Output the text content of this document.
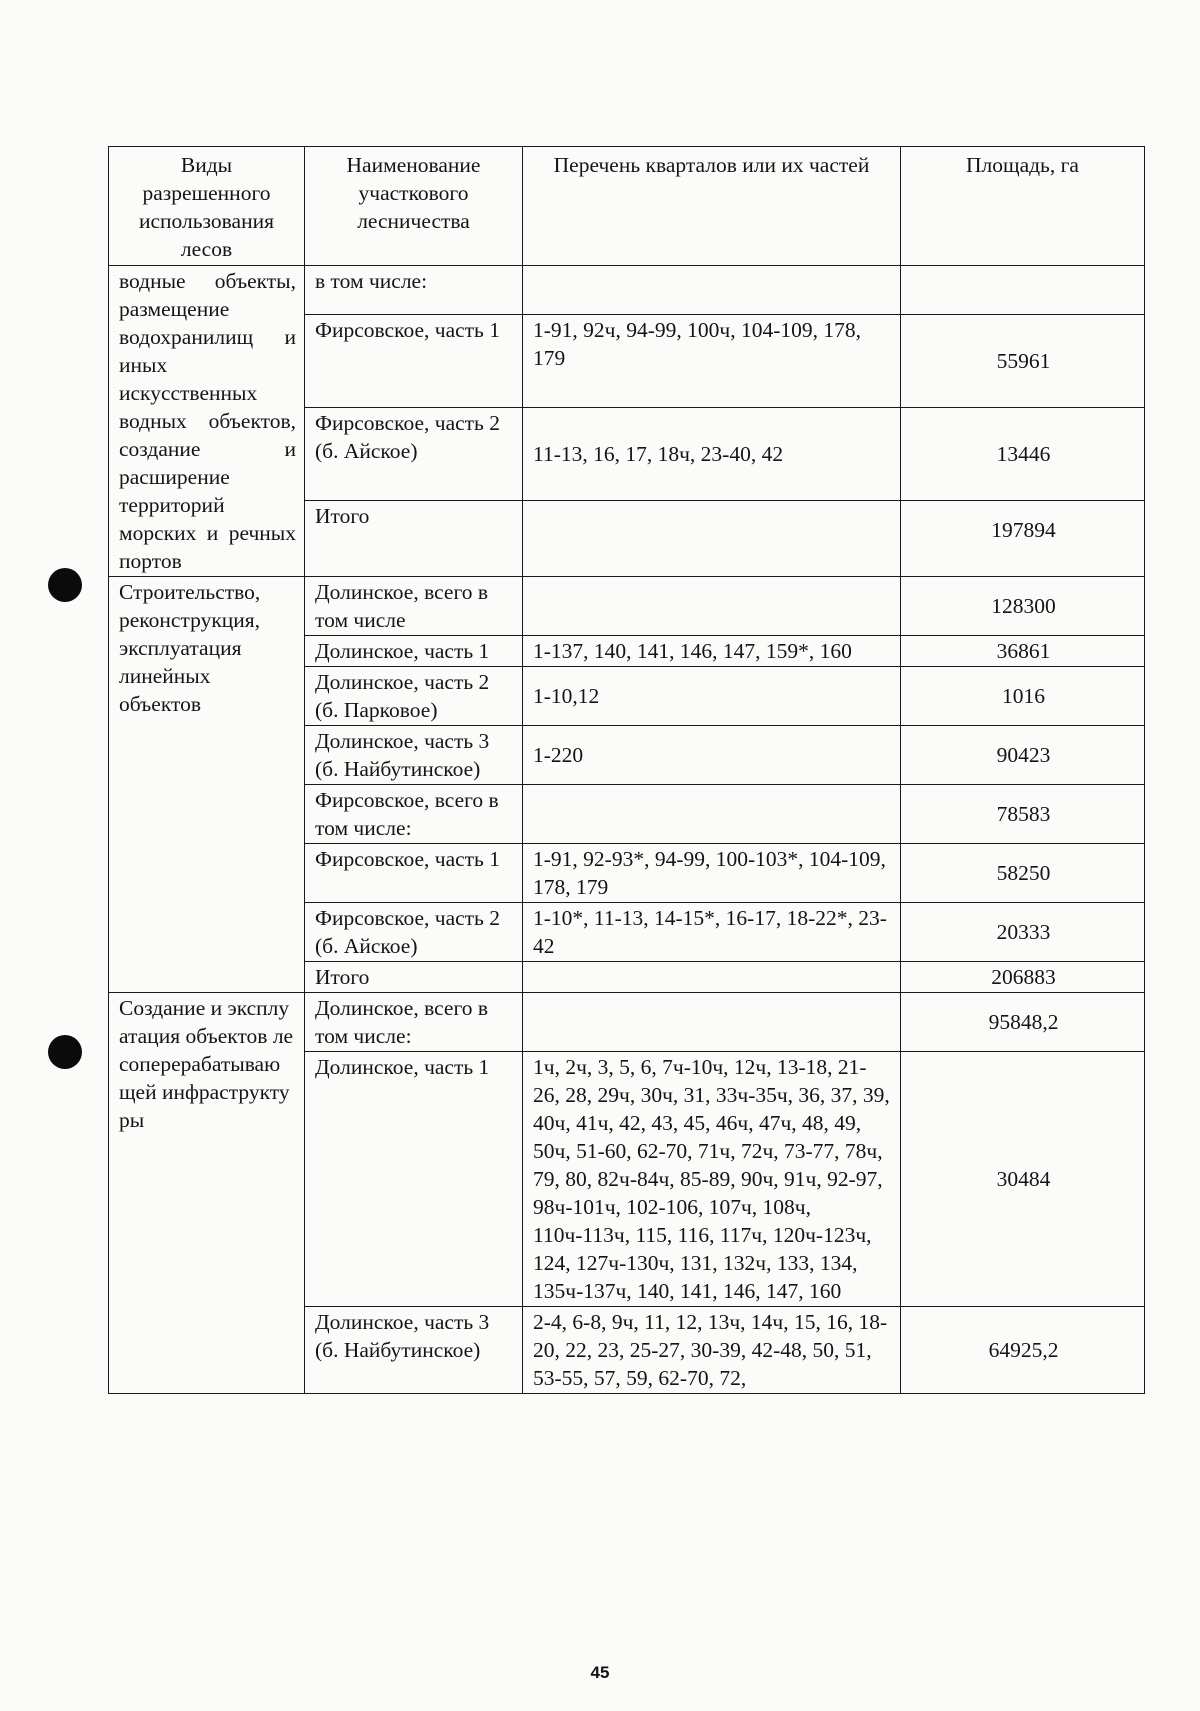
Виды разрешенного использования лесов	Наименование участкового лесничества	Перечень кварталов или их частей	Площадь, га
водные объекты, размещение водохранилищ и иных искусственных водных объектов, создание и расширение территорий морских и речных портов	в том числе:		
	Фирсовское, часть 1	1-91, 92ч, 94-99, 100ч, 104-109, 178, 179	55961
	Фирсовское, часть 2 (б. Айское)	11-13, 16, 17, 18ч, 23-40, 42	13446
	Итого		197894
Строительство, реконструкция, эксплуатация линейных объектов	Долинское, всего в том числе		128300
	Долинское, часть 1	1-137, 140, 141, 146, 147, 159*, 160	36861
	Долинское, часть 2 (б. Парковое)	1-10,12	1016
	Долинское, часть 3 (б. Найбутинское)	1-220	90423
	Фирсовское, всего в том числе:		78583
	Фирсовское, часть 1	1-91, 92-93*, 94-99, 100-103*, 104-109, 178, 179	58250
	Фирсовское, часть 2 (б. Айское)	1-10*, 11-13, 14-15*, 16-17, 18-22*, 23-42	20333
	Итого		206883
Создание и эксплуатация объектов лесоперерабатывающей инфраструктуры	Долинское, всего в том числе:		95848,2
	Долинское, часть 1	1ч, 2ч, 3, 5, 6, 7ч-10ч, 12ч, 13-18, 21-26, 28, 29ч, 30ч, 31, 33ч-35ч, 36, 37, 39, 40ч, 41ч, 42, 43, 45, 46ч, 47ч, 48, 49, 50ч, 51-60, 62-70, 71ч, 72ч, 73-77, 78ч, 79, 80, 82ч-84ч, 85-89, 90ч, 91ч, 92-97, 98ч-101ч, 102-106, 107ч, 108ч, 110ч-113ч, 115, 116, 117ч, 120ч-123ч, 124, 127ч-130ч, 131, 132ч, 133, 134, 135ч-137ч, 140, 141, 146, 147, 160	30484
	Долинское, часть 3 (б. Найбутинское)	2-4, 6-8, 9ч, 11, 12, 13ч, 14ч, 15, 16, 18-20, 22, 23, 25-27, 30-39, 42-48, 50, 51, 53-55, 57, 59, 62-70, 72,	64925,2
45
